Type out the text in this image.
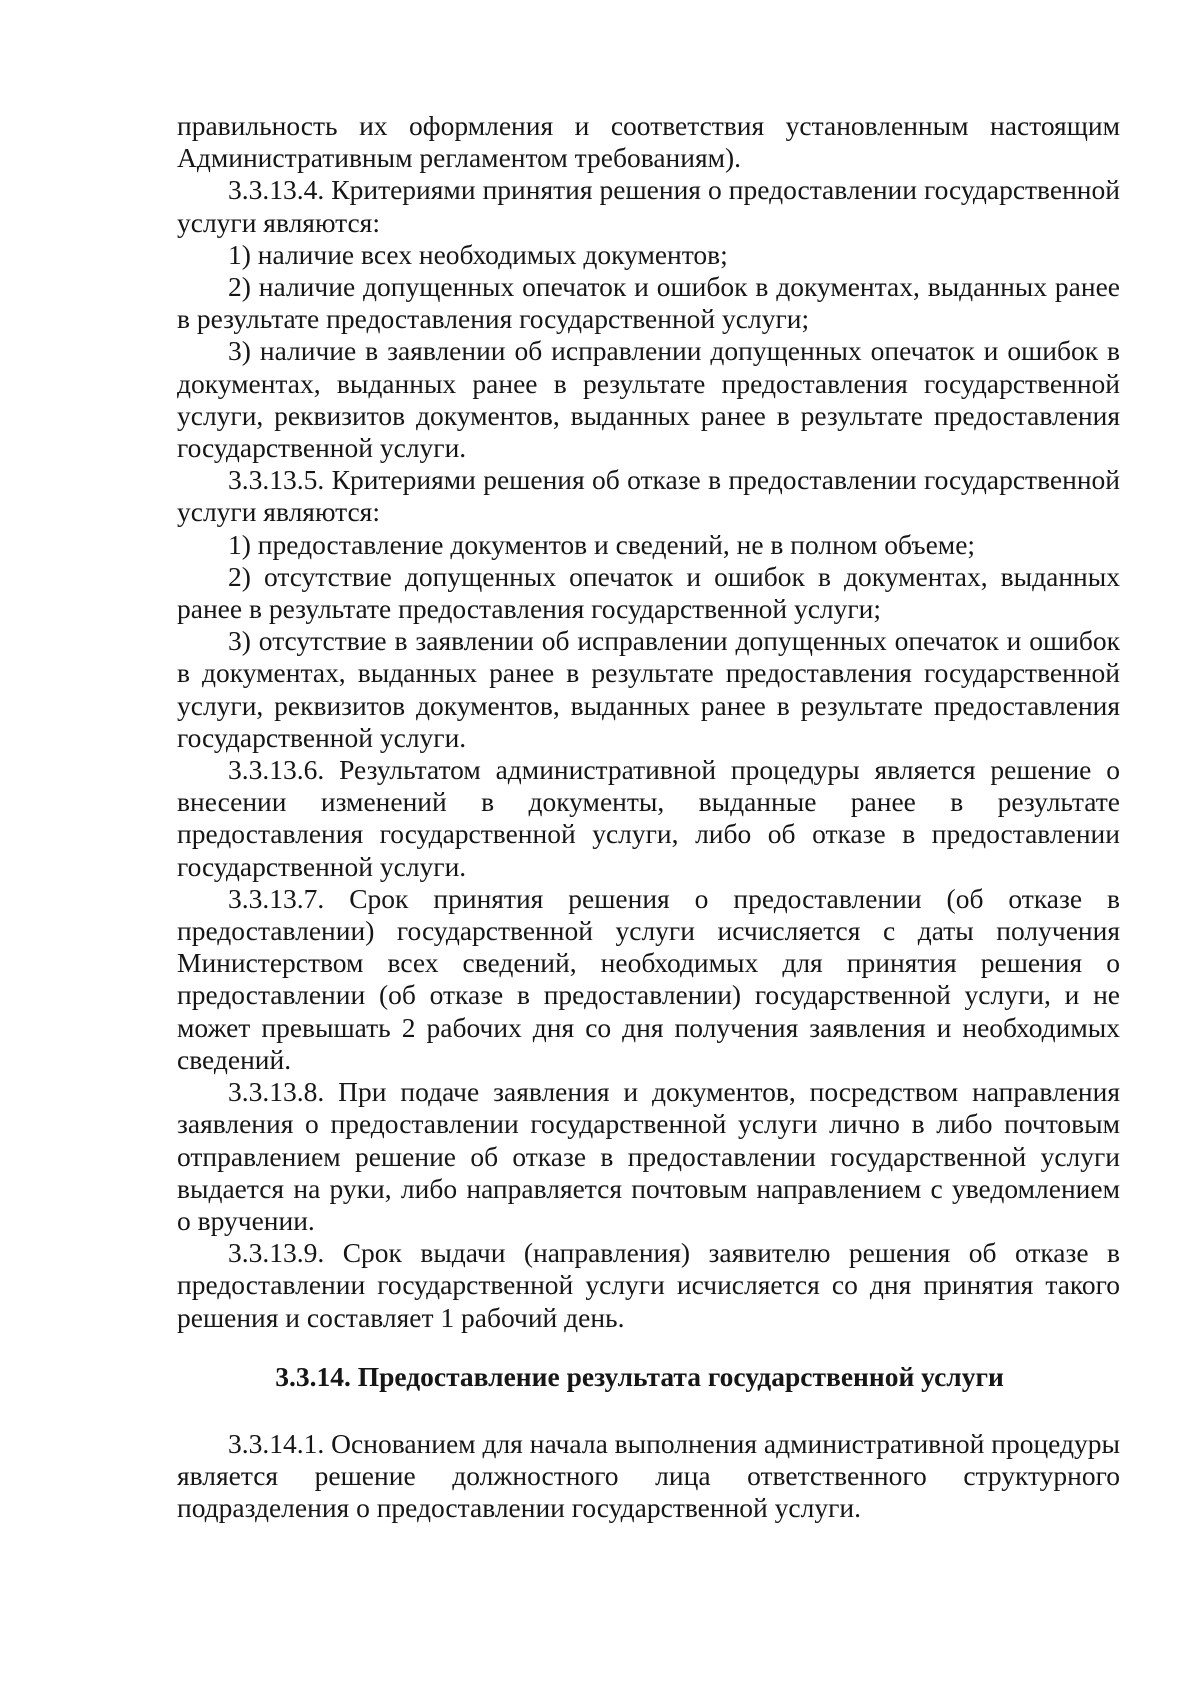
правильность их оформления и соответствия установленным настоящим Административным регламентом требованиям).

3.3.13.4. Критериями принятия решения о предоставлении государственной услуги являются:

1) наличие всех необходимых документов;

2) наличие допущенных опечаток и ошибок в документах, выданных ранее в результате предоставления государственной услуги;

3) наличие в заявлении об исправлении допущенных опечаток и ошибок в документах, выданных ранее в результате предоставления государственной услуги, реквизитов документов, выданных ранее в результате предоставления государственной услуги.

3.3.13.5. Критериями решения об отказе в предоставлении государственной услуги являются:

1) предоставление документов и сведений, не в полном объеме;

2) отсутствие допущенных опечаток и ошибок в документах, выданных ранее в результате предоставления государственной услуги;

3) отсутствие в заявлении об исправлении допущенных опечаток и ошибок в документах, выданных ранее в результате предоставления государственной услуги, реквизитов документов, выданных ранее в результате предоставления государственной услуги.

3.3.13.6. Результатом административной процедуры является решение о внесении изменений в документы, выданные ранее в результате предоставления государственной услуги, либо об отказе в предоставлении государственной услуги.

3.3.13.7. Срок принятия решения о предоставлении (об отказе в предоставлении) государственной услуги исчисляется с даты получения Министерством всех сведений, необходимых для принятия решения о предоставлении (об отказе в предоставлении) государственной услуги, и не может превышать 2 рабочих дня со дня получения заявления и необходимых сведений.

3.3.13.8. При подаче заявления и документов, посредством направления заявления о предоставлении государственной услуги лично в либо почтовым отправлением решение об отказе в предоставлении государственной услуги выдается на руки, либо направляется почтовым направлением с уведомлением о вручении.

3.3.13.9. Срок выдачи (направления) заявителю решения об отказе в предоставлении государственной услуги исчисляется со дня принятия такого решения и составляет 1 рабочий день.

3.3.14. Предоставление результата государственной услуги

3.3.14.1. Основанием для начала выполнения административной процедуры является решение должностного лица ответственного структурного подразделения о предоставлении государственной услуги.
